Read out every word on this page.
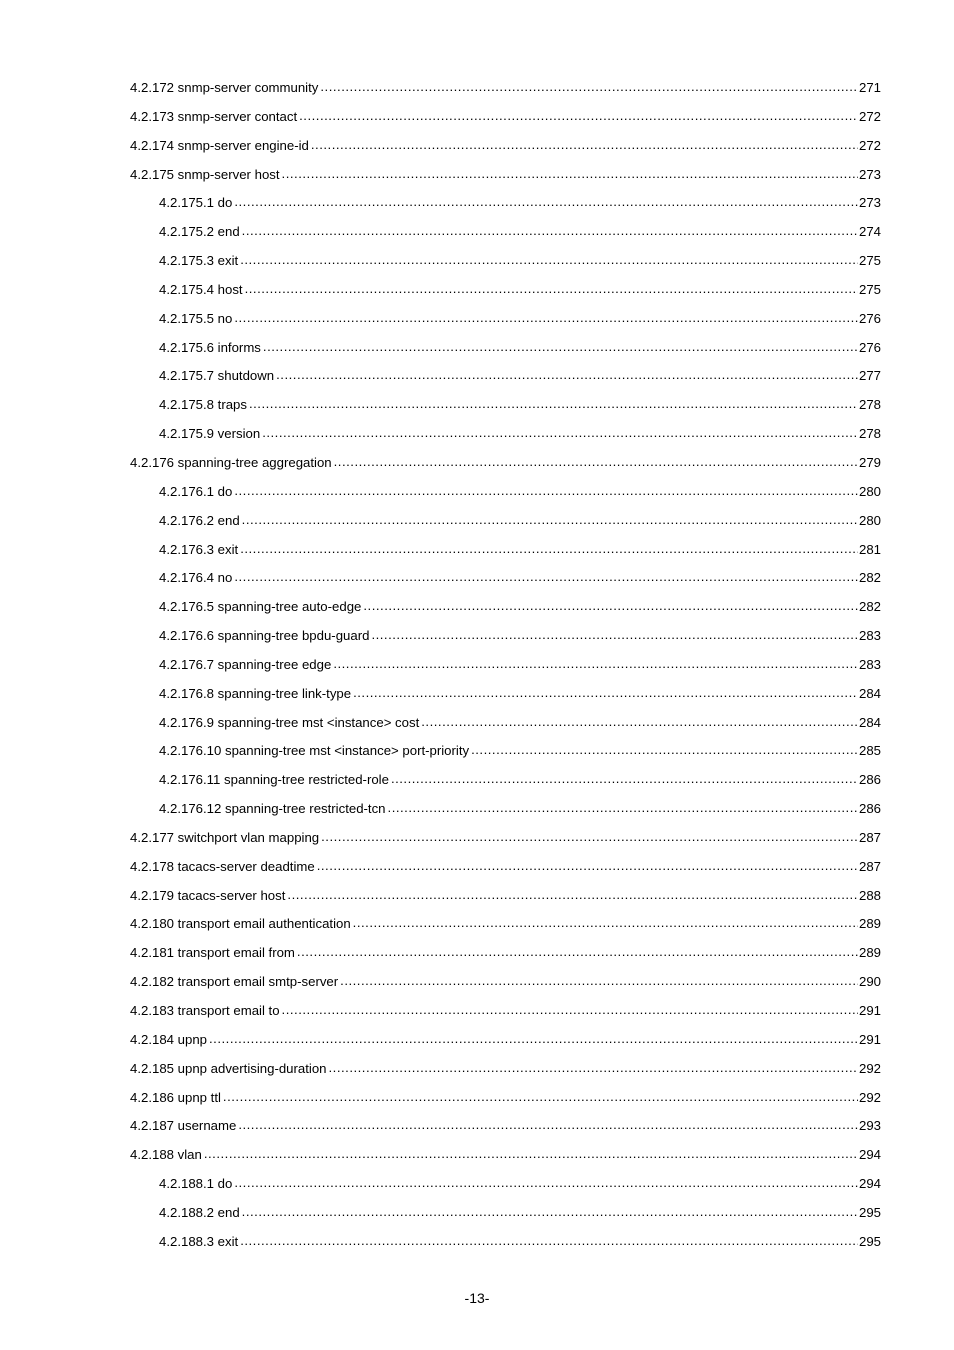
4.2.172 snmp-server community .....	271
4.2.173 snmp-server contact .....	272
4.2.174 snmp-server engine-id .....	272
4.2.175 snmp-server host .....	273
4.2.175.1 do .....	273
4.2.175.2 end .....	274
4.2.175.3 exit .....	275
4.2.175.4 host .....	275
4.2.175.5 no .....	276
4.2.175.6 informs .....	276
4.2.175.7 shutdown .....	277
4.2.175.8 traps .....	278
4.2.175.9 version .....	278
4.2.176 spanning-tree aggregation .....	279
4.2.176.1 do .....	280
4.2.176.2 end .....	280
4.2.176.3 exit .....	281
4.2.176.4 no .....	282
4.2.176.5 spanning-tree auto-edge .....	282
4.2.176.6 spanning-tree bpdu-guard .....	283
4.2.176.7 spanning-tree edge .....	283
4.2.176.8 spanning-tree link-type .....	284
4.2.176.9 spanning-tree mst <instance> cost .....	284
4.2.176.10 spanning-tree mst <instance> port-priority .....	285
4.2.176.11 spanning-tree restricted-role .....	286
4.2.176.12 spanning-tree restricted-tcn .....	286
4.2.177 switchport vlan mapping .....	287
4.2.178 tacacs-server deadtime .....	287
4.2.179 tacacs-server host .....	288
4.2.180 transport email authentication .....	289
4.2.181 transport email from .....	289
4.2.182 transport email smtp-server .....	290
4.2.183 transport email to .....	291
4.2.184 upnp .....	291
4.2.185 upnp advertising-duration .....	292
4.2.186 upnp ttl .....	292
4.2.187 username .....	293
4.2.188 vlan .....	294
4.2.188.1 do .....	294
4.2.188.2 end .....	295
4.2.188.3 exit .....	295
-13-
